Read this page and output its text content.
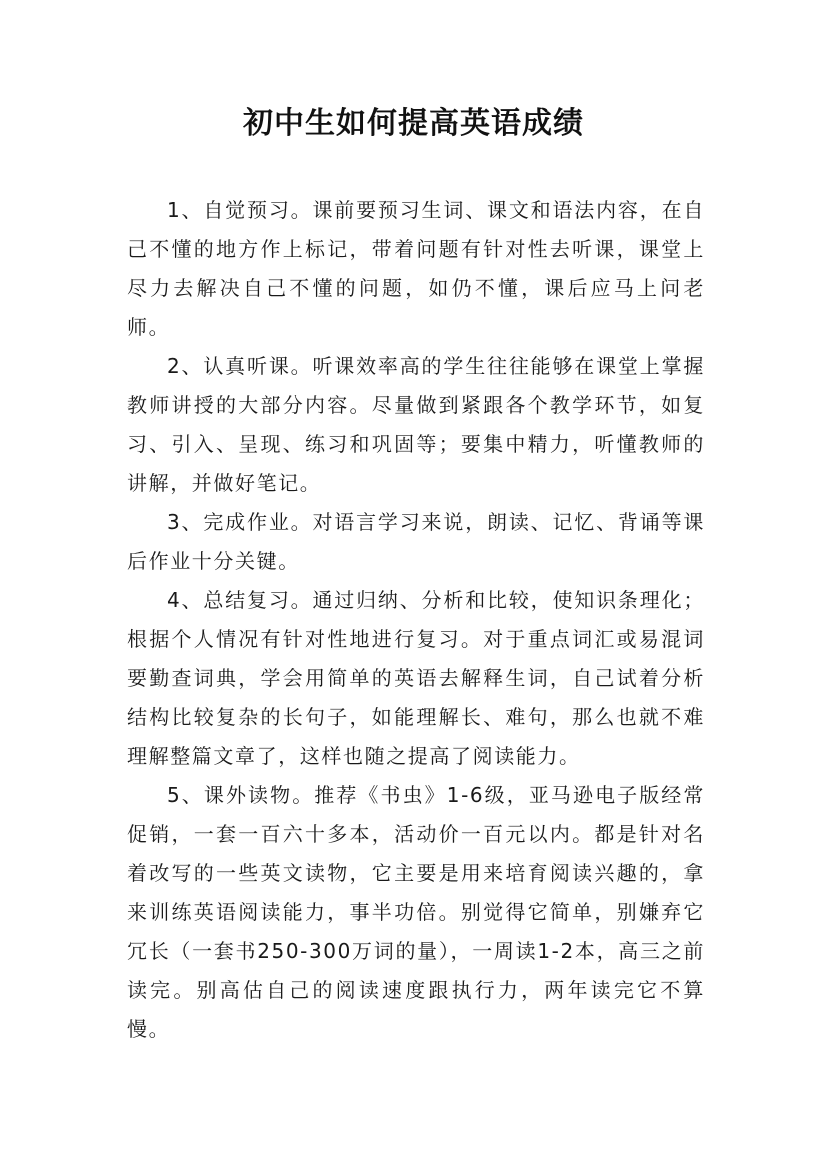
初中生如何提高英语成绩

1、自觉预习。课前要预习生词、课文和语法内容，在自己不懂的地方作上标记，带着问题有针对性去听课，课堂上尽力去解决自己不懂的问题，如仍不懂，课后应马上问老师。

2、认真听课。听课效率高的学生往往能够在课堂上掌握教师讲授的大部分内容。尽量做到紧跟各个教学环节，如复习、引入、呈现、练习和巩固等；要集中精力，听懂教师的讲解，并做好笔记。

3、完成作业。对语言学习来说，朗读、记忆、背诵等课后作业十分关键。

4、总结复习。通过归纳、分析和比较，使知识条理化；根据个人情况有针对性地进行复习。对于重点词汇或易混词要勤查词典，学会用简单的英语去解释生词，自己试着分析结构比较复杂的长句子，如能理解长、难句，那么也就不难理解整篇文章了，这样也随之提高了阅读能力。

5、课外读物。推荐《书虫》1-6级，亚马逊电子版经常促销，一套一百六十多本，活动价一百元以内。都是针对名着改写的一些英文读物，它主要是用来培育阅读兴趣的，拿来训练英语阅读能力，事半功倍。别觉得它简单，别嫌弃它冗长（一套书250-300万词的量），一周读1-2本，高三之前读完。别高估自己的阅读速度跟执行力，两年读完它不算慢。
